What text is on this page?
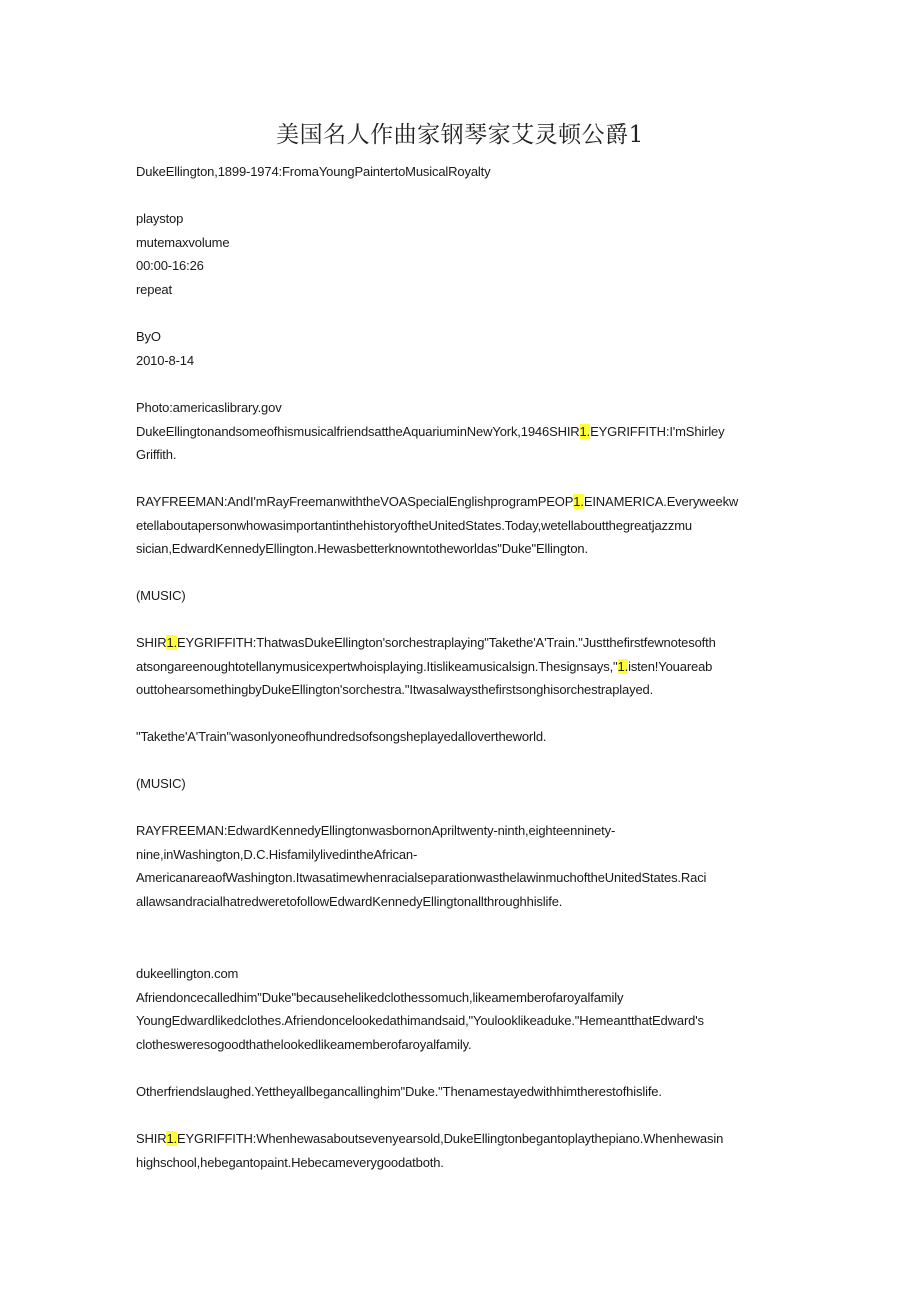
美国名人作曲家钢琴家艾灵顿公爵1
DukeEllington,1899-1974:FromaYoungPaintertoMusicalRoyalty
playstop
mutemaxvolume
00:00-16:26
repeat
ByO
2010-8-14
Photo:americaslibrary.gov
DukeEllingtonandsomeofhismusicalfriendsattheAquariuminNewYork,1946SHIR1.EYGRIFFITH:I'mShirley
Griffith.
RAYFREEMAN:AndI'mRayFreemanwiththeVOASpecialEnglishprogramPEOP1.EINAMERICA.Everyweekw
etellaboutapersonwhowasimportantinthehistoryoftheUnitedStates.Today,wetellaboutthegreatjazzmu
sician,EdwardKennedyEllington.Hewasbetterknowntotheworldas"Duke"Ellington.
(MUSIC)
SHIR1.EYGRIFFITH:ThatwasDukeEllington'sorchestraplaying"Takethe'A'Train."Justthefirstfewnotesofth
atsongareenoughtotellanymusicexpertwhoisplaying.Itislikeamusicalsign.Thesignsays,"1.isten!Youareab
outtohearsomethingbyDukeEllington'sorchestra."Itwasalwaysthefirstsonghisorchestraplayed.
"Takethe'A'Train"wasonlyoneofhundredsofsongsheplayedallovertheworld.
(MUSIC)
RAYFREEMAN:EdwardKennedyEllingtonwasbornonApriltwenty-ninth,eighteenninety-
nine,inWashington,D.C.HisfamilylivedintheAfrican-
AmericanareaofWashington.ItwasatimewhenracialseparationwasthelawinmuchoftheUnitedStates.Raci
allawsandracialhatredweretofollowEdwardKennedyEllingtonallthroughhislife.
dukeellington.com
Afriendoncecalledhim"Duke"becausehelikedclothessomuch,likeamemberofaroyalfamily
YoungEdwardlikedclothes.Afriendoncelookedathimandsaid,"Youlooklikeaduke."HemeantthatEdward's
clothesweresogoodthathelookedlikeamemberofaroyalfamily.
Otherfriendslaughed.Yettheyallbegancallinghim"Duke."Thenamestayedwithhimtherestofhislife.
SHIR1.EYGRIFFITH:Whenhewasaboutsevenyearsold,DukeEllingtonbegantoplaythepiano.Whenhewasin
highschool,hebegantopaint.Hebecameverygoodatboth.
